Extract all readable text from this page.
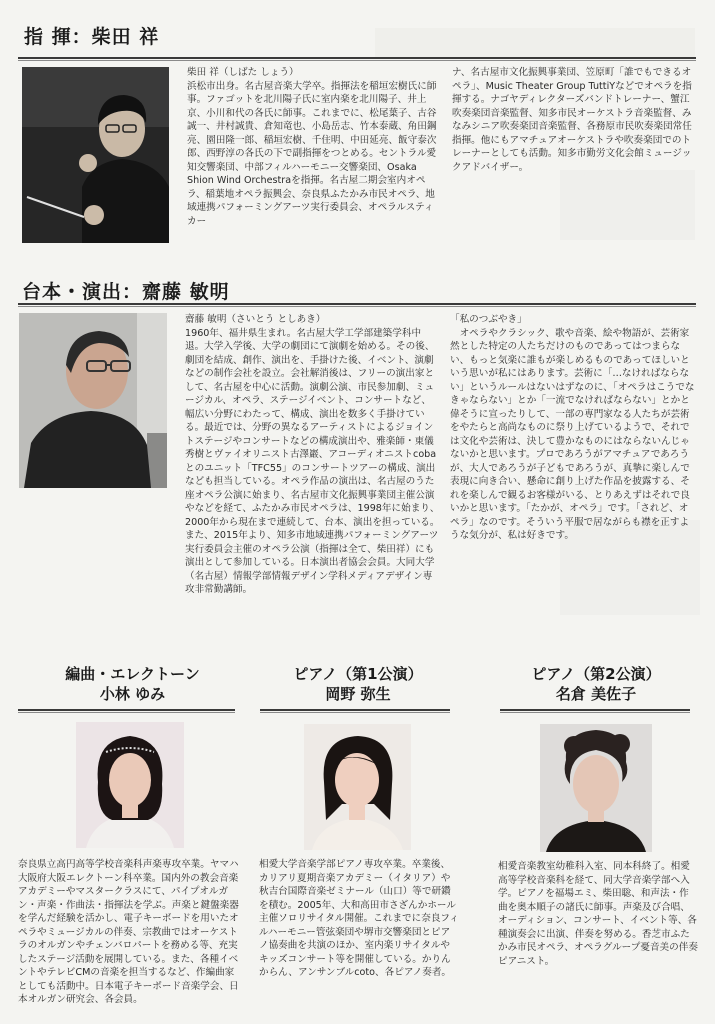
指 揮：柴田 祥

柴田 祥（しばた しょう）

浜松市出身。名古屋音楽大学卒。指揮法を稲垣宏樹氏に師事。ファゴットを北川陽子氏に室内楽を北川陽子、井上京、小川和代の各氏に師事。これまでに、松尾葉子、古谷誠一、井村誠貴、倉知竜也、小島岳志、竹本泰蔵、角田鋼亮、園田隆一郎、稲垣宏樹、千住明、中田延亮、飯守泰次郎、西野淳の各氏の下で副指揮をつとめる。セントラル愛知交響楽団、中部フィルハーモニー交響楽団、Osaka Shion Wind Orchestraを指揮。名古屋二期会室内オペラ、稲葉地オペラ振興会、奈良県ふたかみ市民オペラ、地域連携パフォーミングアーツ実行委員会、オペラルスティカー

ナ、名古屋市文化振興事業団、笠原町「誰でもできるオペラ」、Music Theater Group TuttiYなどでオペラを指揮する。ナゴヤディレクターズバンドトレーナー、蟹江吹奏楽団音楽監督、知多市民オーケストラ音楽監督、みなみシニア吹奏楽団音楽監督、各務原市民吹奏楽団常任指揮。他にもアマチュアオーケストラや吹奏楽団でのトレーナーとしても活動。知多市勤労文化会館ミュージックアドバイザー。

台本・演出：齋藤 敏明

齋藤 敏明（さいとう としあき）

1960年、福井県生まれ。名古屋大学工学部建築学科中退。大学入学後、大学の劇団にて演劇を始める。その後、劇団を結成、創作、演出を、手掛けた後、イベント、演劇などの制作会社を設立。会社解消後は、フリーの演出家として、名古屋を中心に活動。演劇公演、市民参加劇、ミュージカル、オペラ、ステージイベント、コンサートなど、幅広い分野にわたって、構成、演出を数多く手掛けている。最近では、分野の異なるアーティストによるジョイントステージやコンサートなどの構成演出や、雅楽師・東儀秀樹とヴァイオリニスト古澤巖、アコーディオニストcobaとのユニット「TFC55」のコンサートツアーの構成、演出なども担当している。オペラ作品の演出は、名古屋のうた座オペラ公演に始まり、名古屋市文化振興事業団主催公演やなどを経て、ふたかみ市民オペラは、1998年に始まり、2000年から現在まで連続して、台本、演出を担っている。また、2015年より、知多市地域連携パフォーミングアーツ実行委員会主催のオペラ公演（指揮は全て、柴田祥）にも演出として参加している。日本演出者協会会員。大同大学（名古屋）情報学部情報デザイン学科メディアデザイン専攻非常勤講師。

「私のつぶやき」

オペラやクラシック、歌や音楽、絵や物語が、芸術家然とした特定の人たちだけのものであってはつまらない、もっと気楽に誰もが楽しめるものであってほしいという思いが私にはあります。芸術に「…なければならない」というルールはないはずなのに、「オペラはこうでなきゃならない」とか「一流でなければならない」とかと偉そうに宣ったりして、一部の専門家なる人たちが芸術をやたらと高尚なものに祭り上げているようで、それでは文化や芸術は、決して豊かなものにはならないんじゃないかと思います。プロであろうがアマチュアであろうが、大人であろうが子どもであろうが、真摯に楽しんで表現に向き合い、懸命に創り上げた作品を披露する、それを楽しんで観るお客様がいる、とりあえずはそれで良いかと思います。「たかが、オペラ」です。「されど、オペラ」なのです。そういう平服で居ながらも襟を正すような気分が、私は好きです。

編曲・エレクトーン
小林 ゆみ

奈良県立高円高等学校音楽科声楽専攻卒業。ヤマハ大阪府大阪エレクトーン科卒業。国内外の教会音楽アカデミーやマスタークラスにて、パイプオルガン・声楽・作曲法・指揮法を学ぶ。声楽と鍵盤楽器を学んだ経験を活かし、電子キーボードを用いたオペラやミュージカルの伴奏、宗教曲ではオーケストラのオルガンやチェンバロパートを務める等、充実したステージ活動を展開している。また、各種イベントやテレビCMの音楽を担当するなど、作編曲家としても活動中。日本電子キーボード音楽学会、日本オルガン研究会、各会員。

ピアノ（第1公演）
岡野 弥生

相愛大学音楽学部ピアノ専攻卒業。卒業後、カリアリ夏期音楽アカデミー（イタリア）や秋吉台国際音楽ゼミナール（山口）等で研鑽を積む。2005年、大和高田市さざんかホール主催ソロリサイタル開催。これまでに奈良フィルハーモニー管弦楽団や堺市交響楽団とピアノ協奏曲を共演のほか、室内楽リサイタルやキッズコンサート等を開催している。かりんからん、アンサンブルcoto、各ピアノ奏者。

ピアノ（第2公演）
名倉 美佐子

相愛音楽教室幼稚科入室、同本科終了。相愛高等学校音楽科を経て、同大学音楽学部へ入学。ピアノを福場エミ、柴田聡、和声法・作曲を奥本順子の諸氏に師事。声楽及び合唱、オーディション、コンサート、イベント等、各種演奏会に出演、伴奏を努める。香芝市ふたかみ市民オペラ、オペラグループ憂音美の伴奏ピアニスト。
